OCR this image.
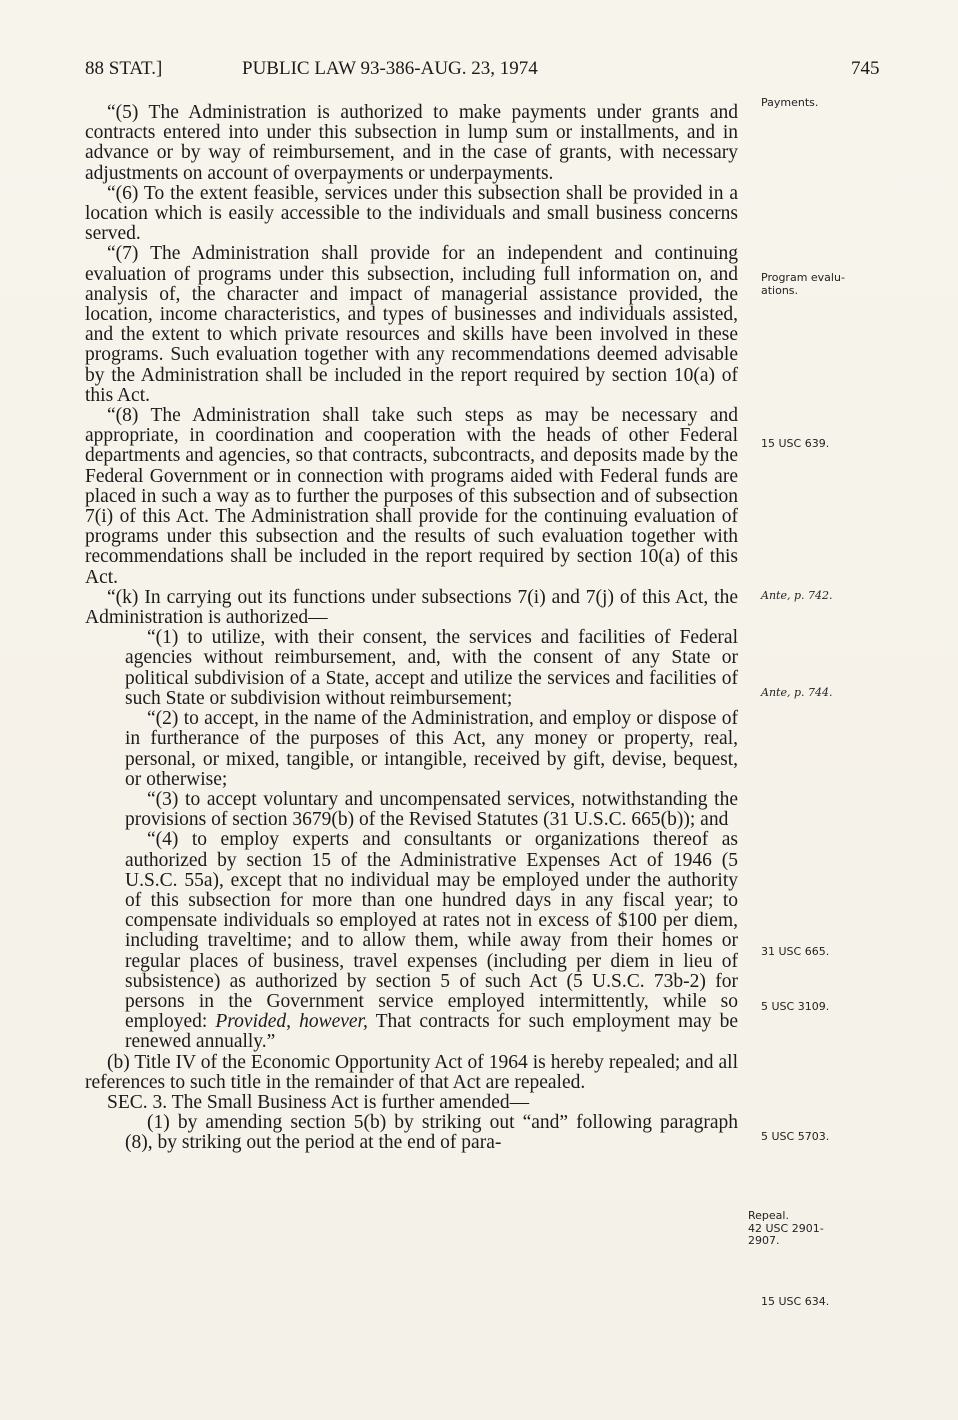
88 STAT.]	PUBLIC LAW 93-386-AUG. 23, 1974	745

“(5) The Administration is authorized to make payments under grants and contracts entered into under this subsection in lump sum or installments, and in advance or by way of reimbursement, and in the case of grants, with necessary adjustments on account of overpayments or underpayments.

“(6) To the extent feasible, services under this subsection shall be provided in a location which is easily accessible to the individuals and small business concerns served.

“(7) The Administration shall provide for an independent and continuing evaluation of programs under this subsection, including full information on, and analysis of, the character and impact of managerial assistance provided, the location, income characteristics, and types of businesses and individuals assisted, and the extent to which private resources and skills have been involved in these programs. Such evaluation together with any recommendations deemed advisable by the Administration shall be included in the report required by section 10(a) of this Act.

“(8) The Administration shall take such steps as may be necessary and appropriate, in coordination and cooperation with the heads of other Federal departments and agencies, so that contracts, subcontracts, and deposits made by the Federal Government or in connection with programs aided with Federal funds are placed in such a way as to further the purposes of this subsection and of subsection 7(i) of this Act. The Administration shall provide for the continuing evaluation of programs under this subsection and the results of such evaluation together with recommendations shall be included in the report required by section 10(a) of this Act.

“(k) In carrying out its functions under subsections 7(i) and 7(j) of this Act, the Administration is authorized—

“(1) to utilize, with their consent, the services and facilities of Federal agencies without reimbursement, and, with the consent of any State or political subdivision of a State, accept and utilize the services and facilities of such State or subdivision without reimbursement;

“(2) to accept, in the name of the Administration, and employ or dispose of in furtherance of the purposes of this Act, any money or property, real, personal, or mixed, tangible, or intangible, received by gift, devise, bequest, or otherwise;

“(3) to accept voluntary and uncompensated services, notwithstanding the provisions of section 3679(b) of the Revised Statutes (31 U.S.C. 665(b)); and

“(4) to employ experts and consultants or organizations thereof as authorized by section 15 of the Administrative Expenses Act of 1946 (5 U.S.C. 55a), except that no individual may be employed under the authority of this subsection for more than one hundred days in any fiscal year; to compensate individuals so employed at rates not in excess of $100 per diem, including traveltime; and to allow them, while away from their homes or regular places of business, travel expenses (including per diem in lieu of subsistence) as authorized by section 5 of such Act (5 U.S.C. 73b-2) for persons in the Government service employed intermittently, while so employed: Provided, however, That contracts for such employment may be renewed annually.”

(b) Title IV of the Economic Opportunity Act of 1964 is hereby repealed; and all references to such title in the remainder of that Act are repealed.

SEC. 3. The Small Business Act is further amended—

(1) by amending section 5(b) by striking out “and” following paragraph (8), by striking out the period at the end of para-

Payments.
Program evalu-
ations.
15 USC 639.
Ante, p. 742.
Ante, p. 744.
31 USC 665.
5 USC 3109.
5 USC 5703.
Repeal.
42 USC 2901-
2907.
15 USC 634.
